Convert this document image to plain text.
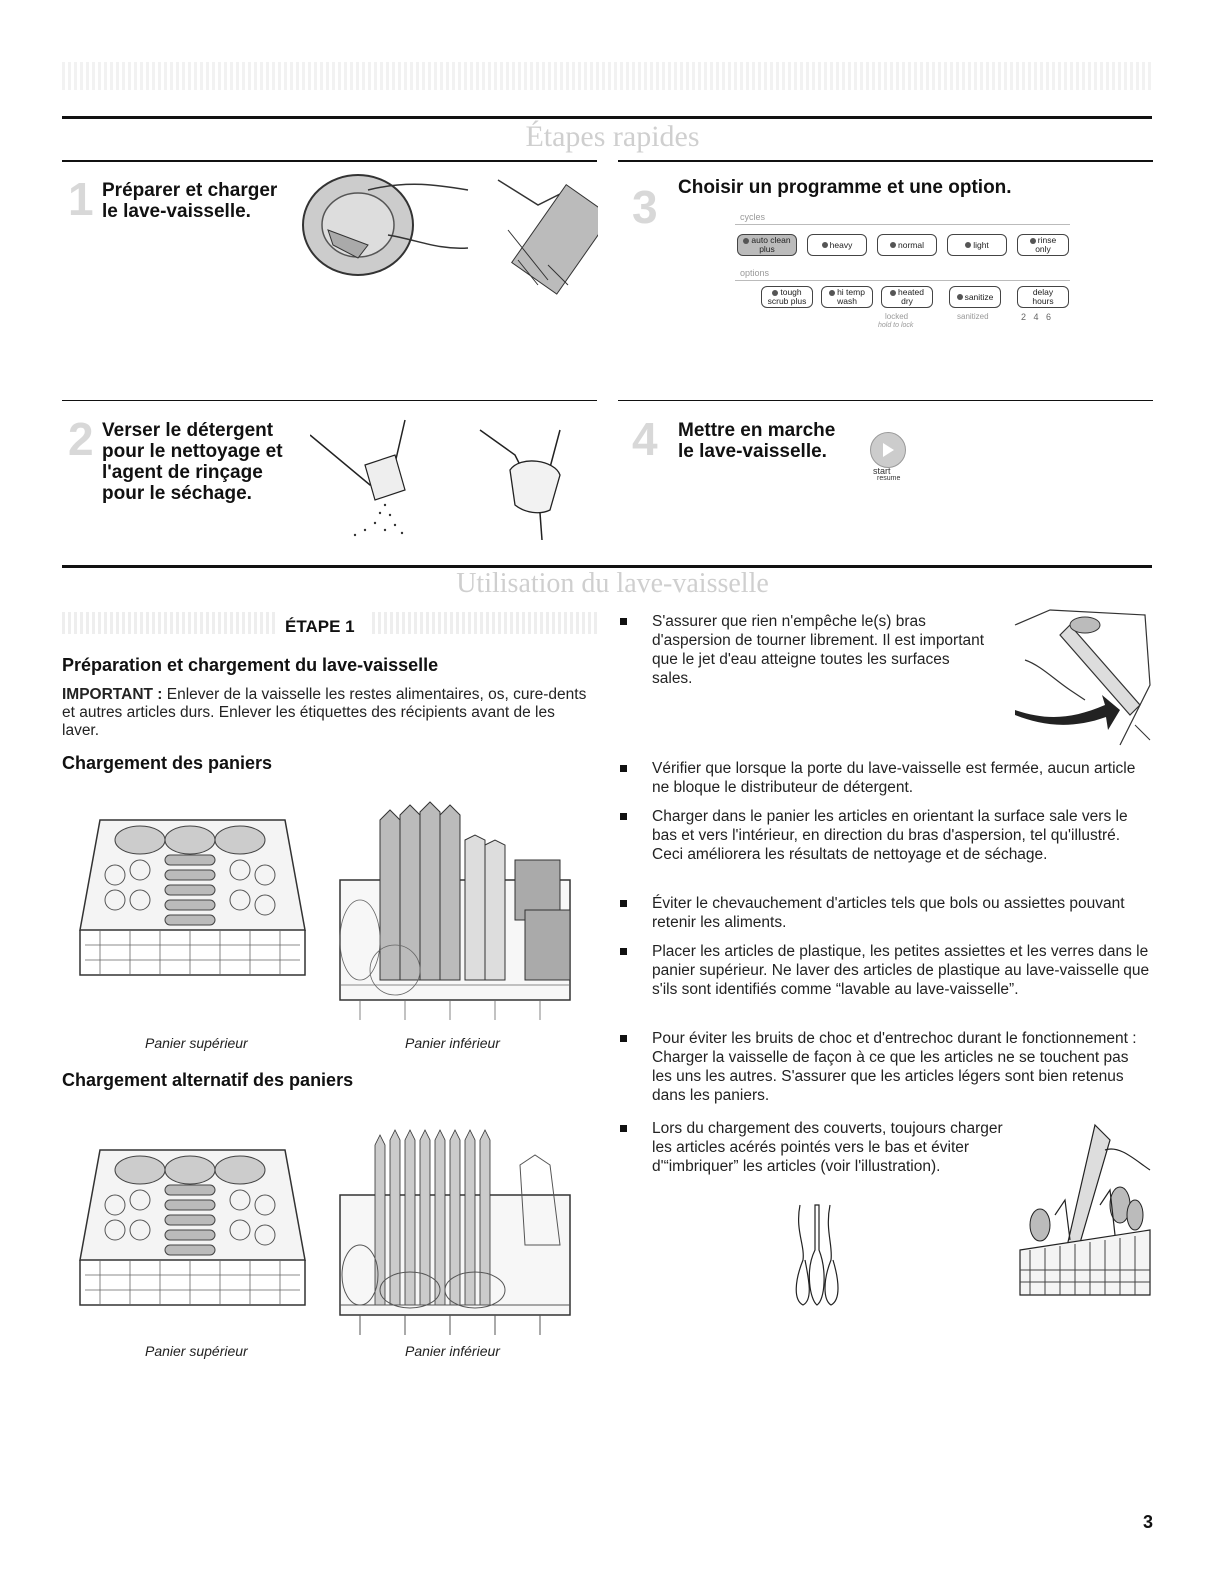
Étapes rapides
1 Préparer et charger
le lave-vaisselle.	3 Choisir un programme et une option.
cycles
auto clean
plus	heavy	normal	light	rinse
only
options
tough
scrub plus
hi temp
wash
heated
dry	sanitize	delay
hours
locked
hold to lock
sanitized	2   4   6
2 Verser le détergent
pour le nettoyage et
l'agent de rinçage
pour le séchage.
4 Mettre en marche
le lave-vaisselle.
start
resume
Utilisation du lave-vaisselle
ÉTAPE 1
Préparation et chargement du lave-vaisselle
IMPORTANT : Enlever de la vaisselle les restes alimentaires, os, cure-dents et autres articles durs. Enlever les étiquettes des récipients avant de les laver.
Chargement des paniers
Panier supérieur	Panier inférieur
Chargement alternatif des paniers
Panier supérieur	Panier inférieur
S'assurer que rien n'empêche le(s) bras d'aspersion de tourner librement. Il est important que le jet d'eau atteigne toutes les surfaces sales.
Vérifier que lorsque la porte du lave-vaisselle est fermée, aucun article ne bloque le distributeur de détergent.
Charger dans le panier les articles en orientant la surface sale vers le bas et vers l'intérieur, en direction du bras d'aspersion, tel qu'illustré. Ceci améliorera les résultats de nettoyage et de séchage.
Éviter le chevauchement d'articles tels que bols ou assiettes pouvant retenir les aliments.
Placer les articles de plastique, les petites assiettes et les verres dans le panier supérieur. Ne laver des articles de plastique au lave-vaisselle que s'ils sont identifiés comme “lavable au lave-vaisselle”.
Pour éviter les bruits de choc et d'entrechoc durant le fonctionnement : Charger la vaisselle de façon à ce que les articles ne se touchent pas les uns les autres. S'assurer que les articles légers sont bien retenus dans les paniers.
Lors du chargement des couverts, toujours charger les articles acérés pointés vers le bas et éviter d'“imbriquer” les articles (voir l'illustration).
3
